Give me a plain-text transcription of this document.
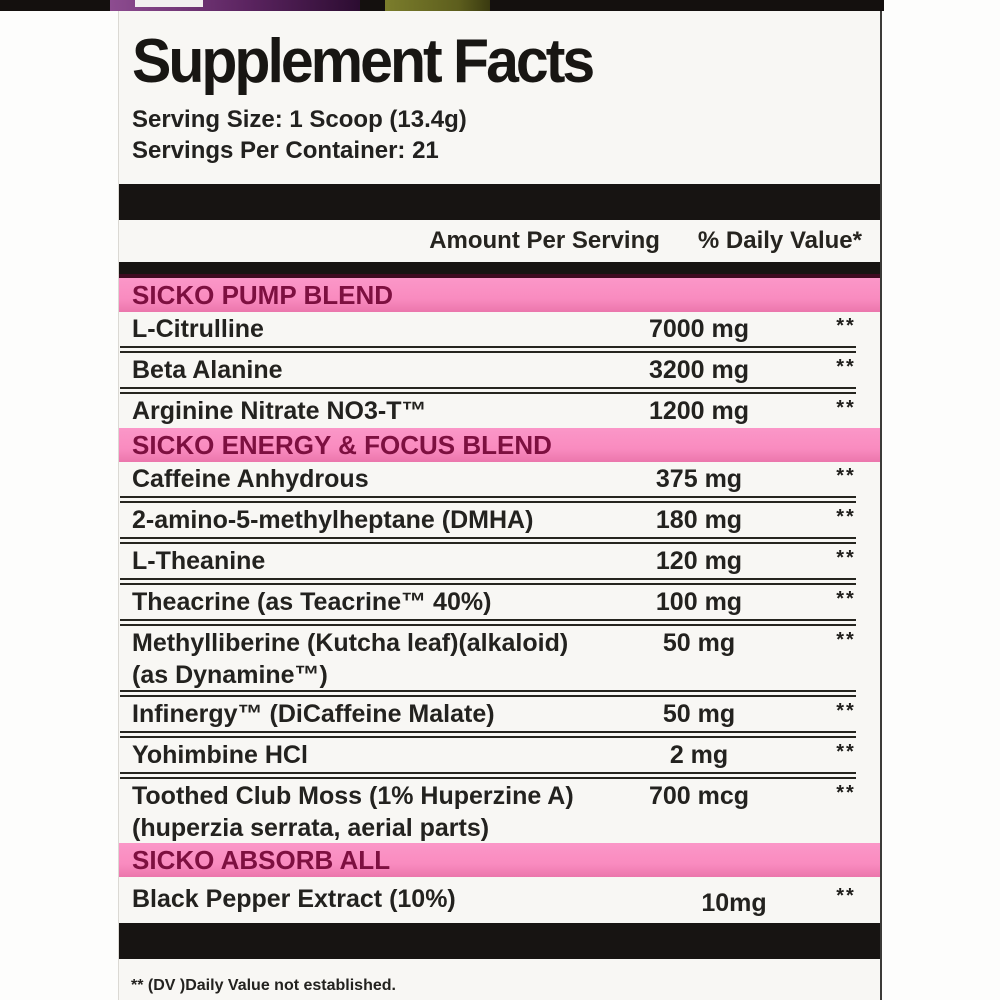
Supplement Facts
Serving Size: 1 Scoop (13.4g)
Servings Per Container: 21
Amount Per Serving % Daily Value*
SICKO PUMP BLEND
L-Citrulline	7000 mg	**
Beta Alanine	3200 mg	**
Arginine Nitrate NO3-T™	1200 mg	**
SICKO ENERGY & FOCUS BLEND
Caffeine Anhydrous	375 mg	**
2-amino-5-methylheptane (DMHA)	180 mg	**
L-Theanine	120 mg	**
Theacrine (as Teacrine™ 40%)	100 mg	**
Methylliberine (Kutcha leaf)(alkaloid)	50 mg	**
(as Dynamine™)
Infinergy™ (DiCaffeine Malate)	50 mg	**
Yohimbine HCl	2 mg	**
Toothed Club Moss (1% Huperzine A)	700 mcg	**
(huperzia serrata, aerial parts)
SICKO ABSORB ALL
Black Pepper Extract (10%)	10mg	**
** (DV )Daily Value not established.
